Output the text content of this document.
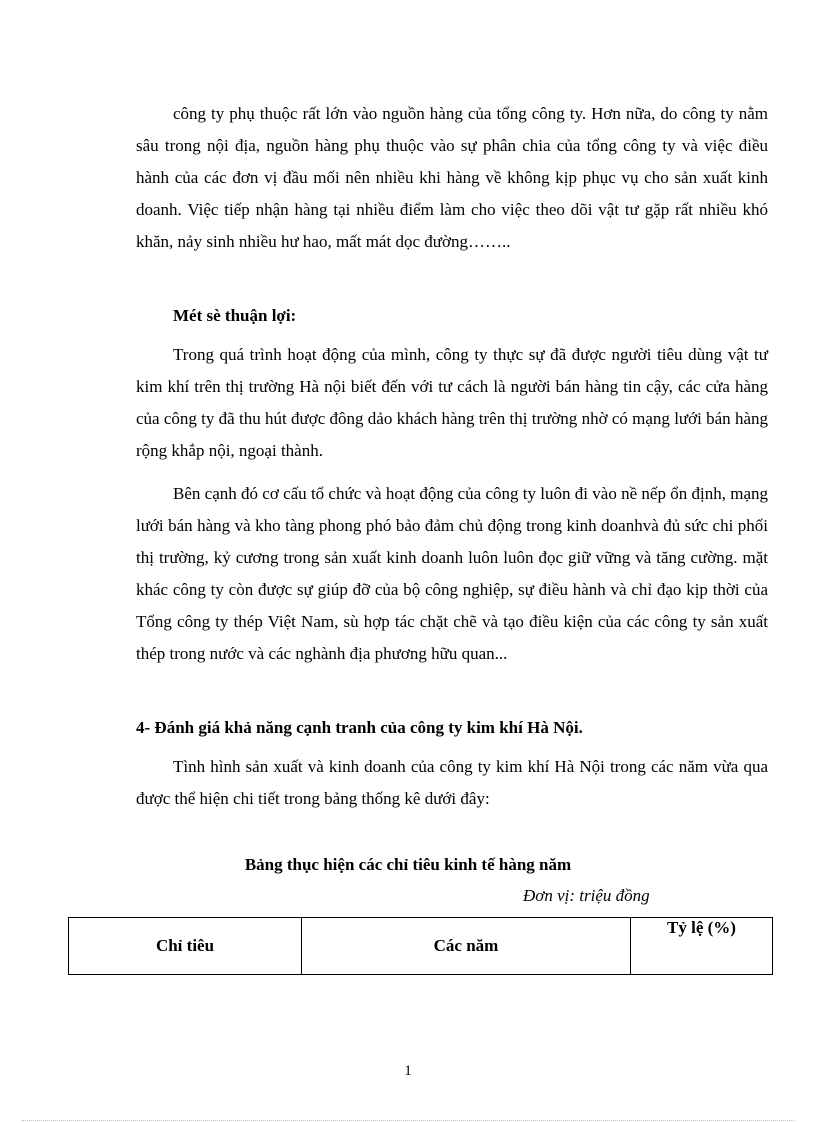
công ty phụ thuộc rất lớn vào nguồn hàng của tổng công ty. Hơn nữa, do công ty nằm sâu trong nội địa, nguồn hàng phụ thuộc vào sự phân chia của tổng công ty và việc điều hành của các đơn vị đầu mối nên nhiều khi hàng về không kịp phục vụ cho sản xuất kinh doanh. Việc tiếp nhận hàng tại nhiều điểm làm cho việc theo dõi vật tư gặp rất nhiều khó khăn, nảy sinh nhiều hư hao, mất mát dọc đường……..

Mét sè thuận lợi:

Trong quá trình hoạt động của mình, công ty thực sự đã được người tiêu dùng vật tư kim khí trên thị trường Hà nội biết đến với tư cách là người bán hàng tin cậy, các cửa hàng của công ty đã thu hút được đông dảo khách hàng trên thị trường nhờ có mạng lưới bán hàng rộng khắp nội, ngoại thành.

Bên cạnh đó cơ cấu tổ chức và hoạt động của công ty luôn đi vào nề nếp ổn định, mạng lưới bán hàng và kho tàng phong phó bảo đảm chủ động trong kinh doanhvà đủ sức chi phối thị trường, kỷ cương trong sản xuất kinh doanh luôn luôn đọc giữ vững và tăng cường. mặt khác công ty còn được sự giúp đỡ của bộ công nghiệp, sự điều hành và chỉ đạo kịp thời của Tổng công ty thép Việt Nam, sù hợp tác chặt chẽ và tạo điều kiện của các công ty sản xuất thép trong nước và các nghành địa phương hữu quan...

4- Đánh giá khả năng cạnh tranh của công ty kim khí Hà Nội.

Tình hình sản xuất và kinh doanh của công ty kim khí Hà Nội trong các năm vừa qua được thể hiện chi tiết trong bảng thống kê dưới đây:

Bảng thục hiện các chỉ tiêu kinh tế hàng năm

Đơn vị: triệu đồng

Chỉ tiêu	Các năm	Tỷ lệ (%)

1
